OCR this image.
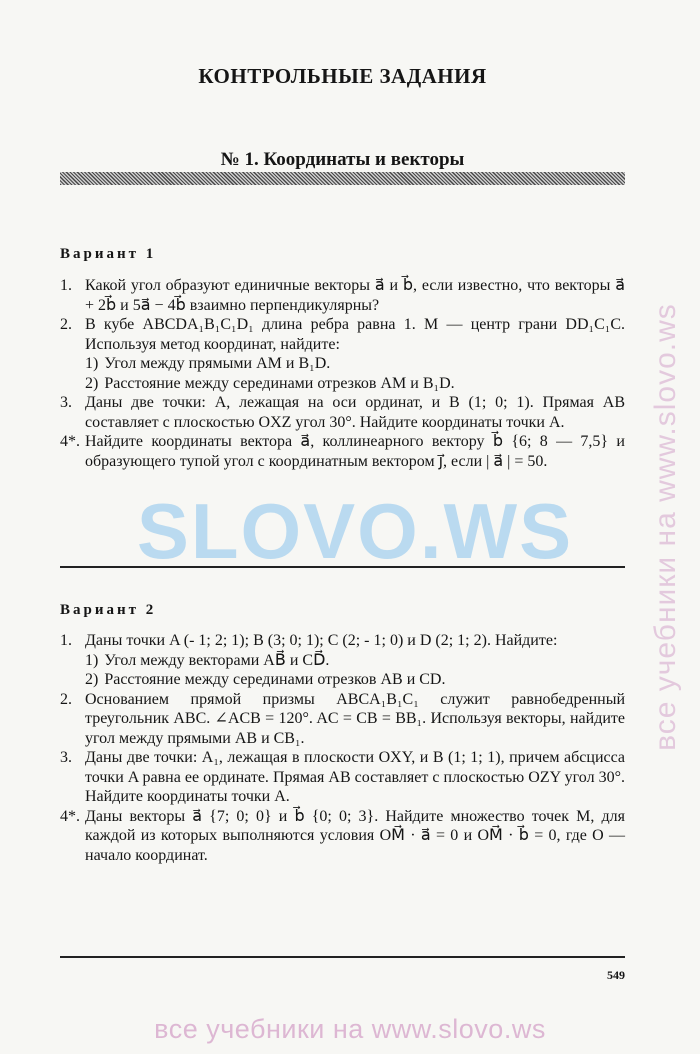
КОНТРОЛЬНЫЕ ЗАДАНИЯ
№ 1. Координаты и векторы
Вариант 1
1. Какой угол образуют единичные векторы a⃗ и b⃗, если известно, что векторы a⃗ + 2b⃗ и 5a⃗ − 4b⃗ взаимно перпендикулярны?
2. В кубе ABCDA₁B₁C₁D₁ длина ребра равна 1. M — центр грани DD₁C₁C. Используя метод координат, найдите:
1) Угол между прямыми AM и B₁D.
2) Расстояние между серединами отрезков AM и B₁D.
3. Даны две точки: A, лежащая на оси ординат, и B (1; 0; 1). Прямая AB составляет с плоскостью OXZ угол 30°. Найдите координаты точки A.
4*. Найдите координаты вектора a⃗, коллинеарного вектору b⃗ {6; 8 — 7,5} и образующего тупой угол с координатным вектором j⃗, если | a⃗ | = 50.
Вариант 2
1. Даны точки A (- 1; 2; 1); B (3; 0; 1); C (2; - 1; 0) и D (2; 1; 2). Найдите:
1) Угол между векторами AB⃗ и CD⃗.
2) Расстояние между серединами отрезков AB и CD.
2. Основанием прямой призмы ABCA₁B₁C₁ служит равнобедренный треугольник ABC. ∠ACB = 120°. AC = CB = BB₁. Используя векторы, найдите угол между прямыми AB и CB₁.
3. Даны две точки: A₁, лежащая в плоскости OXY, и B (1; 1; 1), причем абсцисса точки A равна ее ординате. Прямая AB составляет с плоскостью OZY угол 30°. Найдите координаты точки A.
4*. Даны векторы a⃗ {7; 0; 0} и b⃗ {0; 0; 3}. Найдите множество точек M, для каждой из которых выполняются условия OM⃗ · a⃗ = 0 и OM⃗ · b⃗ = 0, где O — начало координат.
549
SLOVO.WS	все учебники на www.slovo.ws
все учебники на www.slovo.ws
